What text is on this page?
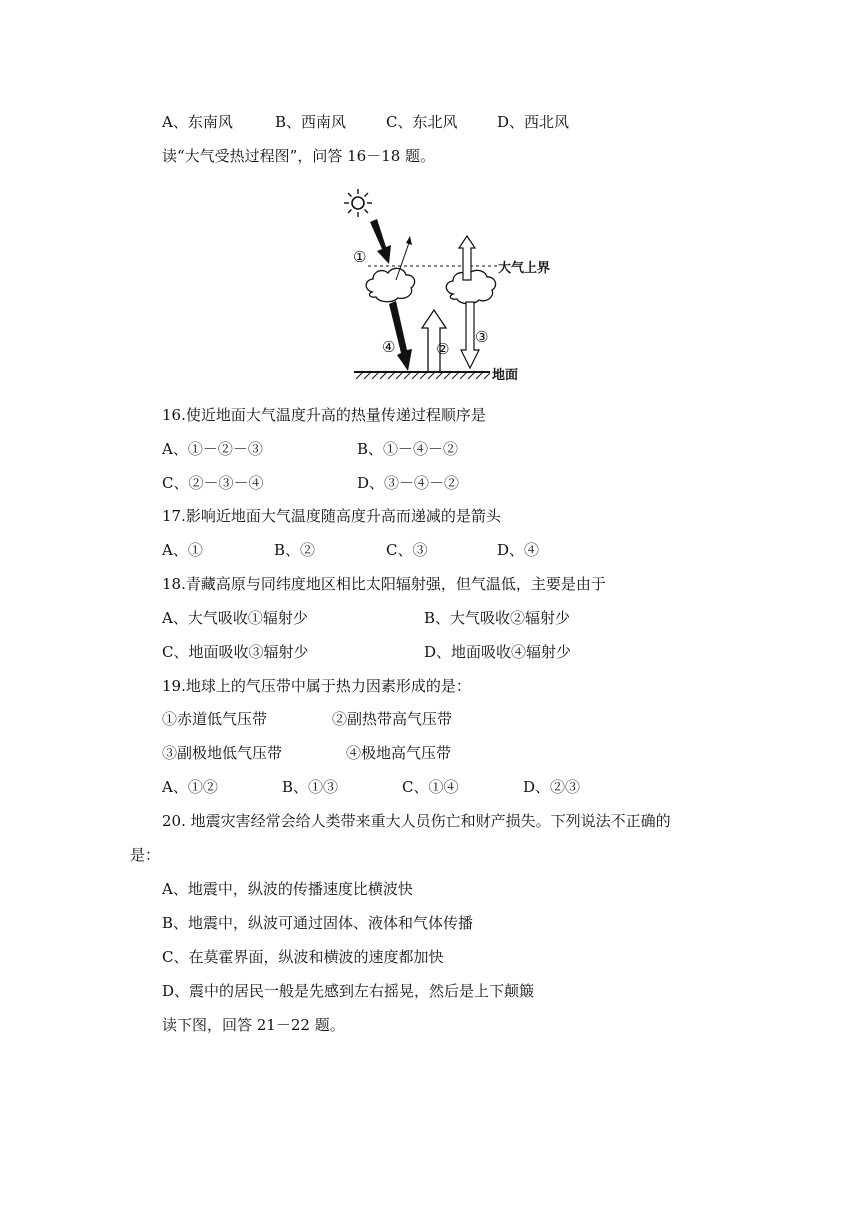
A、东南风	B、西南风	C、东北风	D、西北风
读“大气受热过程图”，问答 16－18 题。
大气上界
①
④	②
③
地面
16.使近地面大气温度升高的热量传递过程顺序是
A、①－②－③	B、①－④－②
C、②－③－④	D、③－④－②
17.影响近地面大气温度随高度升高而递减的是箭头
A、①	B、②	C、③	D、④
18.青藏高原与同纬度地区相比太阳辐射强，但气温低，主要是由于
A、大气吸收①辐射少	B、大气吸收②辐射少
C、地面吸收③辐射少	D、地面吸收④辐射少
19.地球上的气压带中属于热力因素形成的是：
①赤道低气压带	②副热带高气压带
③副极地低气压带	④极地高气压带
A、①②	B、①③	C、①④	D、②③
20. 地震灾害经常会给人类带来重大人员伤亡和财产损失。下列说法不正确的
是：
A、地震中，纵波的传播速度比横波快
B、地震中，纵波可通过固体、液体和气体传播
C、在莫霍界面，纵波和横波的速度都加快
D、震中的居民一般是先感到左右摇晃，然后是上下颠簸
读下图，回答 21－22 题。
